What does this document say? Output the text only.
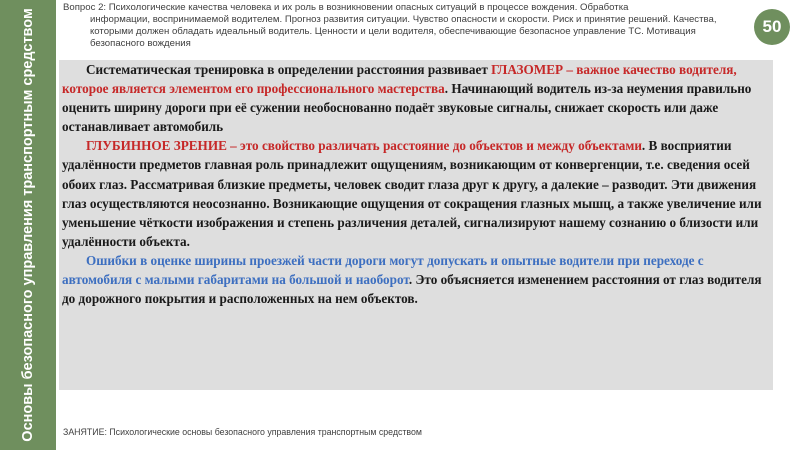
Основы безопасного управления транспортным средством
Вопрос 2: Психологические качества человека и их роль в возникновении опасных ситуаций в процессе вождения. Обработка
информации, воспринимаемой водителем. Прогноз развития ситуации. Чувство опасности и скорости. Риск и принятие решений. Качества, которыми должен обладать идеальный водитель. Ценности и цели водителя, обеспечивающие безопасное управление ТС. Мотивация безопасного вождения
50

Систематическая тренировка в определении расстояния развивает ГЛАЗОМЕР – важное качество водителя, которое является элементом его профессионального мастерства. Начинающий водитель из-за неумения правильно оценить ширину дороги при её сужении необоснованно подаёт звуковые сигналы, снижает скорость или даже останавливает автомобиль

ГЛУБИННОЕ ЗРЕНИЕ – это свойство различать расстояние до объектов и между объектами. В восприятии удалённости предметов главная роль принадлежит ощущениям, возникающим от конвергенции, т.е. сведения осей обоих глаз. Рассматривая близкие предметы, человек сводит глаза друг к другу, а далекие – разводит. Эти движения глаз осуществляются неосознанно. Возникающие ощущения от сокращения глазных мышц, а также увеличение или уменьшение чёткости изображения и степень различения деталей, сигнализируют нашему сознанию о близости или удалённости объекта.

Ошибки в оценке ширины проезжей части дороги могут допускать и опытные водители при переходе с автомобиля с малыми габаритами на большой и наоборот. Это объясняется изменением расстояния от глаз водителя до дорожного покрытия и расположенных на нем объектов.

ЗАНЯТИЕ: Психологические основы безопасного управления транспортным средством
